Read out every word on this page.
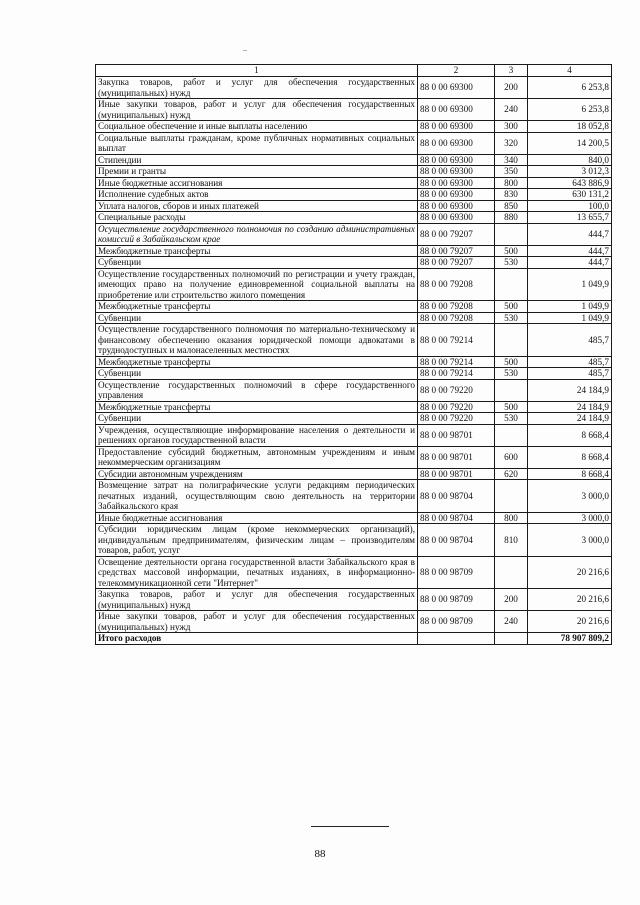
..
1	2	3	4
Закупка товаров, работ и услуг для обеспечения государственных (муниципальных) нужд	88 0 00 69300	200	6 253,8
Иные закупки товаров, работ и услуг для обеспечения государственных (муниципальных) нужд	88 0 00 69300	240	6 253,8
Социальное обеспечение и иные выплаты населению	88 0 00 69300	300	18 052,8
Социальные выплаты гражданам, кроме публичных нормативных социальных выплат	88 0 00 69300	320	14 200,5
Стипендии	88 0 00 69300	340	840,0
Премии и гранты	88 0 00 69300	350	3 012,3
Иные бюджетные ассигнования	88 0 00 69300	800	643 886,9
Исполнение судебных актов	88 0 00 69300	830	630 131,2
Уплата налогов, сборов и иных платежей	88 0 00 69300	850	100,0
Специальные расходы	88 0 00 69300	880	13 655,7
Осуществление государственного полномочия по созданию административных комиссий в Забайкальском крае	88 0 00 79207		444,7
Межбюджетные трансферты	88 0 00 79207	500	444,7
Субвенции	88 0 00 79207	530	444,7
Осуществление государственных полномочий по регистрации и учету граждан, имеющих право на получение единовременной социальной выплаты на приобретение или строительство жилого помещения	88 0 00 79208		1 049,9
Межбюджетные трансферты	88 0 00 79208	500	1 049,9
Субвенции	88 0 00 79208	530	1 049,9
Осуществление государственного полномочия по материально-техническому и финансовому обеспечению оказания юридической помощи адвокатами в труднодоступных и малонаселенных местностях	88 0 00 79214		485,7
Межбюджетные трансферты	88 0 00 79214	500	485,7
Субвенции	88 0 00 79214	530	485,7
Осуществление государственных полномочий в сфере государственного управления	88 0 00 79220		24 184,9
Межбюджетные трансферты	88 0 00 79220	500	24 184,9
Субвенции	88 0 00 79220	530	24 184,9
Учреждения, осуществляющие информирование населения о деятельности и решениях органов государственной власти	88 0 00 98701		8 668,4
Предоставление субсидий бюджетным, автономным учреждениям и иным некоммерческим организациям	88 0 00 98701	600	8 668,4
Субсидии автономным учреждениям	88 0 00 98701	620	8 668,4
Возмещение затрат на полиграфические услуги редакциям периодических печатных изданий, осуществляющим свою деятельность на территории Забайкальского края	88 0 00 98704		3 000,0
Иные бюджетные ассигнования	88 0 00 98704	800	3 000,0
Субсидии юридическим лицам (кроме некоммерческих организаций), индивидуальным предпринимателям, физическим лицам – производителям товаров, работ, услуг	88 0 00 98704	810	3 000,0
Освещение деятельности органа государственной власти Забайкальского края в средствах массовой информации, печатных изданиях, в информационно-телекоммуникационной сети "Интернет"	88 0 00 98709		20 216,6
Закупка товаров, работ и услуг для обеспечения государственных (муниципальных) нужд	88 0 00 98709	200	20 216,6
Иные закупки товаров, работ и услуг для обеспечения государственных (муниципальных) нужд	88 0 00 98709	240	20 216,6
Итого расходов			78 907 809,2
88
